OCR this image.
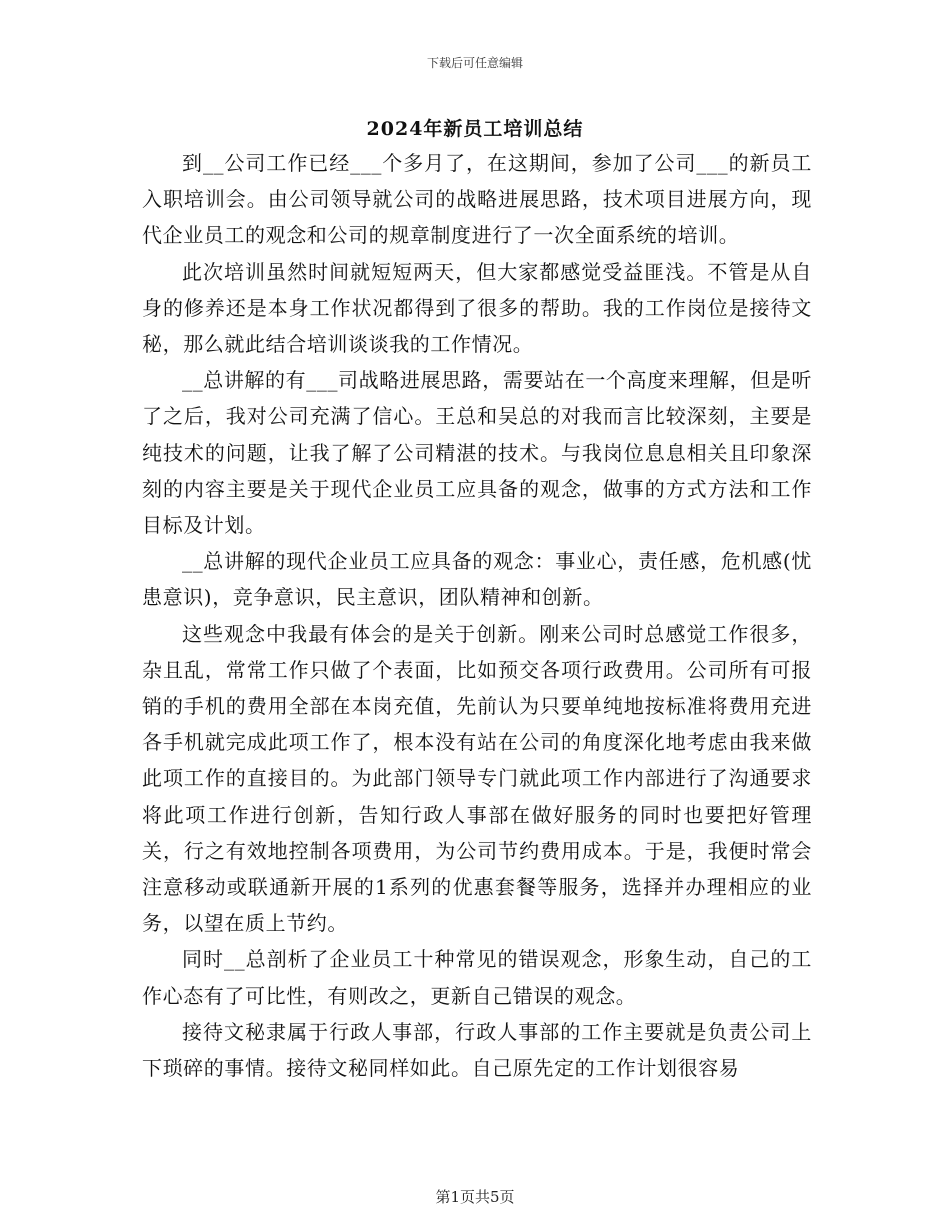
下载后可任意编辑
2024年新员工培训总结

到__公司工作已经___个多月了，在这期间，参加了公司___的新员工入职培训会。由公司领导就公司的战略进展思路，技术项目进展方向，现代企业员工的观念和公司的规章制度进行了一次全面系统的培训。

此次培训虽然时间就短短两天，但大家都感觉受益匪浅。不管是从自身的修养还是本身工作状况都得到了很多的帮助。我的工作岗位是接待文秘，那么就此结合培训谈谈我的工作情况。

__总讲解的有___司战略进展思路，需要站在一个高度来理解，但是听了之后，我对公司充满了信心。王总和吴总的对我而言比较深刻，主要是纯技术的问题，让我了解了公司精湛的技术。与我岗位息息相关且印象深刻的内容主要是关于现代企业员工应具备的观念，做事的方式方法和工作目标及计划。

__总讲解的现代企业员工应具备的观念：事业心，责任感，危机感(忧患意识)，竞争意识，民主意识，团队精神和创新。

这些观念中我最有体会的是关于创新。刚来公司时总感觉工作很多，杂且乱，常常工作只做了个表面，比如预交各项行政费用。公司所有可报销的手机的费用全部在本岗充值，先前认为只要单纯地按标准将费用充进各手机就完成此项工作了，根本没有站在公司的角度深化地考虑由我来做此项工作的直接目的。为此部门领导专门就此项工作内部进行了沟通要求将此项工作进行创新，告知行政人事部在做好服务的同时也要把好管理关，行之有效地控制各项费用，为公司节约费用成本。于是，我便时常会注意移动或联通新开展的1系列的优惠套餐等服务，选择并办理相应的业务，以望在质上节约。

同时__总剖析了企业员工十种常见的错误观念，形象生动，自己的工作心态有了可比性，有则改之，更新自己错误的观念。

接待文秘隶属于行政人事部，行政人事部的工作主要就是负责公司上下琐碎的事情。接待文秘同样如此。自己原先定的工作计划很容易

第1页共5页
